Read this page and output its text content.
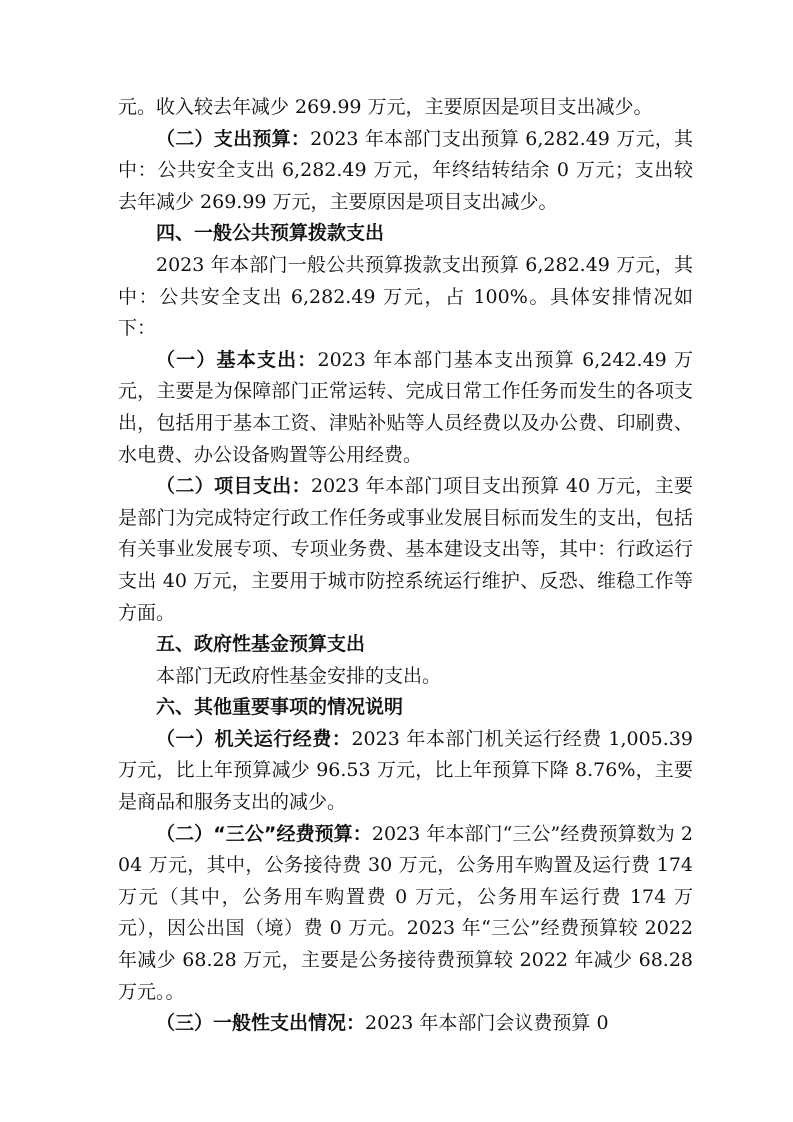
元。收入较去年减少 269.99 万元，主要原因是项目支出减少。

（二）支出预算：2023 年本部门支出预算 6,282.49 万元，其中：公共安全支出 6,282.49 万元，年终结转结余 0 万元；支出较去年减少 269.99 万元，主要原因是项目支出减少。

四、一般公共预算拨款支出

2023 年本部门一般公共预算拨款支出预算 6,282.49 万元，其中：公共安全支出 6,282.49 万元，占 100%。具体安排情况如下：

（一）基本支出：2023 年本部门基本支出预算 6,242.49 万元，主要是为保障部门正常运转、完成日常工作任务而发生的各项支出，包括用于基本工资、津贴补贴等人员经费以及办公费、印刷费、水电费、办公设备购置等公用经费。

（二）项目支出：2023 年本部门项目支出预算 40 万元，主要是部门为完成特定行政工作任务或事业发展目标而发生的支出，包括有关事业发展专项、专项业务费、基本建设支出等，其中：行政运行支出 40 万元，主要用于城市防控系统运行维护、反恐、维稳工作等方面。

五、政府性基金预算支出

本部门无政府性基金安排的支出。

六、其他重要事项的情况说明

（一）机关运行经费：2023 年本部门机关运行经费 1,005.39 万元，比上年预算减少 96.53 万元，比上年预算下降 8.76%，主要是商品和服务支出的减少。

（二）“三公”经费预算：2023 年本部门“三公”经费预算数为 204 万元，其中，公务接待费 30 万元，公务用车购置及运行费 174 万元（其中，公务用车购置费 0 万元，公务用车运行费 174 万元），因公出国（境）费 0 万元。2023 年“三公”经费预算较 2022 年减少 68.28 万元，主要是公务接待费预算较 2022 年减少 68.28 万元。。

（三）一般性支出情况：2023 年本部门会议费预算 0
